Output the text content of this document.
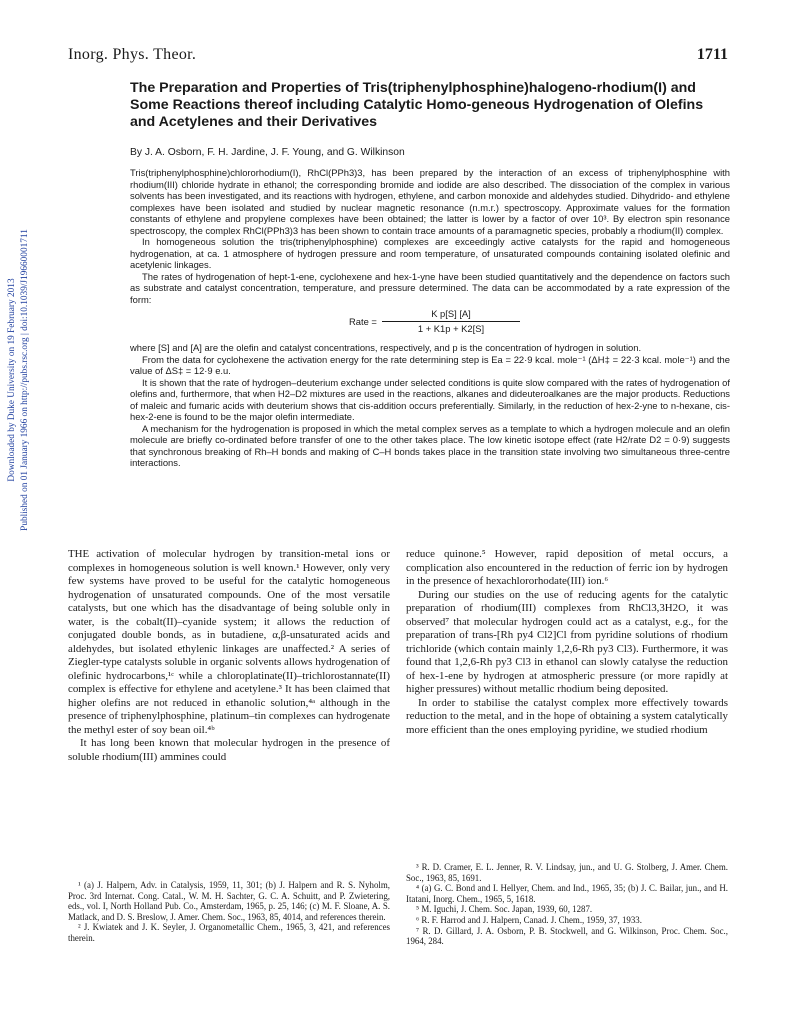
Inorg. Phys. Theor.	1711
Downloaded by Duke University on 19 February 2013 Published on 01 January 1966 on http://pubs.rsc.org | doi:10.1039/J19660001711
The Preparation and Properties of Tris(triphenylphosphine)halogeno-rhodium(I) and Some Reactions thereof including Catalytic Homo-geneous Hydrogenation of Olefins and Acetylenes and their Derivatives
By J. A. Osborn, F. H. Jardine, J. F. Young, and G. Wilkinson

Tris(triphenylphosphine)chlororhodium(I), RhCl(PPh3)3, has been prepared by the interaction of an excess of triphenylphosphine with rhodium(III) chloride hydrate in ethanol; the corresponding bromide and iodide are also described. The dissociation of the complex in various solvents has been investigated, and its reactions with hydrogen, ethylene, and carbon monoxide and aldehydes studied. Dihydrido- and ethylene complexes have been isolated and studied by nuclear magnetic resonance (n.m.r.) spectroscopy. Approximate values for the formation constants of ethylene and propylene complexes have been obtained; the latter is lower by a factor of over 10³. By electron spin resonance spectroscopy, the complex RhCl(PPh3)3 has been shown to contain trace amounts of a paramagnetic species, probably a rhodium(II) complex.

In homogeneous solution the tris(triphenylphosphine) complexes are exceedingly active catalysts for the rapid and homogeneous hydrogenation, at ca. 1 atmosphere of hydrogen pressure and room temperature, of unsaturated compounds containing isolated olefinic and acetylenic linkages.

The rates of hydrogenation of hept-1-ene, cyclohexene and hex-1-yne have been studied quantitatively and the dependence on factors such as substrate and catalyst concentration, temperature, and pressure determined. The data can be accommodated by a rate expression of the form:

Rate = $\frac{\text{K p[S] [A]}}{1 + K1p + K2[S]}$

where [S] and [A] are the olefin and catalyst concentrations, respectively, and p is the concentration of hydrogen in solution.

From the data for cyclohexene the activation energy for the rate determining step is Ea = 22·9 kcal. mole⁻¹ (ΔH‡ = 22·3 kcal. mole⁻¹) and the value of ΔS‡ = 12·9 e.u.

It is shown that the rate of hydrogen–deuterium exchange under selected conditions is quite slow compared with the rates of hydrogenation of olefins and, furthermore, that when H2–D2 mixtures are used in the reactions, alkanes and dideuteroalkanes are the major products. Reductions of maleic and fumaric acids with deuterium shows that cis-addition occurs preferentially. Similarly, in the reduction of hex-2-yne to n-hexane, cis-hex-2-ene is found to be the major olefin intermediate.

A mechanism for the hydrogenation is proposed in which the metal complex serves as a template to which a hydrogen molecule and an olefin molecule are briefly co-ordinated before transfer of one to the other takes place. The low kinetic isotope effect (rate H2/rate D2 = 0·9) suggests that synchronous breaking of Rh–H bonds and making of C–H bonds takes place in the transition state involving two simultaneous three-centre interactions.

THE activation of molecular hydrogen by transition-metal ions or complexes in homogeneous solution is well known.¹ However, only very few systems have proved to be useful for the catalytic homogeneous hydrogenation of unsaturated compounds. One of the most versatile catalysts, but one which has the disadvantage of being soluble only in water, is the cobalt(II)–cyanide system; it allows the reduction of conjugated double bonds, as in butadiene, α,β-unsaturated acids and aldehydes, but isolated ethylenic linkages are unaffected.² A series of Ziegler-type catalysts soluble in organic solvents allows hydrogenation of olefinic hydrocarbons,¹ᶜ while a chloroplatinate(II)–trichlorostannate(II) complex is effective for ethylene and acetylene.³ It has been claimed that higher olefins are not reduced in ethanolic solution,⁴ᵃ although in the presence of triphenylphosphine, platinum–tin complexes can hydrogenate the methyl ester of soy bean oil.⁴ᵇ

It has long been known that molecular hydrogen in the presence of soluble rhodium(III) ammines could

reduce quinone.⁵ However, rapid deposition of metal occurs, a complication also encountered in the reduction of ferric ion by hydrogen in the presence of hexachlororhodate(III) ion.⁶

During our studies on the use of reducing agents for the catalytic preparation of rhodium(III) complexes from RhCl3,3H2O, it was observed⁷ that molecular hydrogen could act as a catalyst, e.g., for the preparation of trans-[Rh py4 Cl2]Cl from pyridine solutions of rhodium trichloride (which contain mainly 1,2,6-Rh py3 Cl3). Furthermore, it was found that 1,2,6-Rh py3 Cl3 in ethanol can slowly catalyse the reduction of hex-1-ene by hydrogen at atmospheric pressure (or more rapidly at higher pressures) without metallic rhodium being deposited.

In order to stabilise the catalyst complex more effectively towards reduction to the metal, and in the hope of obtaining a system catalytically more efficient than the ones employing pyridine, we studied rhodium

¹ (a) J. Halpern, Adv. in Catalysis, 1959, 11, 301; (b) J. Halpern and R. S. Nyholm, Proc. 3rd Internat. Cong. Catal., W. M. H. Sachter, G. C. A. Schuitt, and P. Zwietering, eds., vol. I, North Holland Pub. Co., Amsterdam, 1965, p. 25, 146; (c) M. F. Sloane, A. S. Matlack, and D. S. Breslow, J. Amer. Chem. Soc., 1963, 85, 4014, and references therein.

² J. Kwiatek and J. K. Seyler, J. Organometallic Chem., 1965, 3, 421, and references therein.

³ R. D. Cramer, E. L. Jenner, R. V. Lindsay, jun., and U. G. Stolberg, J. Amer. Chem. Soc., 1963, 85, 1691.

⁴ (a) G. C. Bond and I. Hellyer, Chem. and Ind., 1965, 35; (b) J. C. Bailar, jun., and H. Itatani, Inorg. Chem., 1965, 5, 1618.

⁵ M. Iguchi, J. Chem. Soc. Japan, 1939, 60, 1287.

⁶ R. F. Harrod and J. Halpern, Canad. J. Chem., 1959, 37, 1933.

⁷ R. D. Gillard, J. A. Osborn, P. B. Stockwell, and G. Wilkinson, Proc. Chem. Soc., 1964, 284.
